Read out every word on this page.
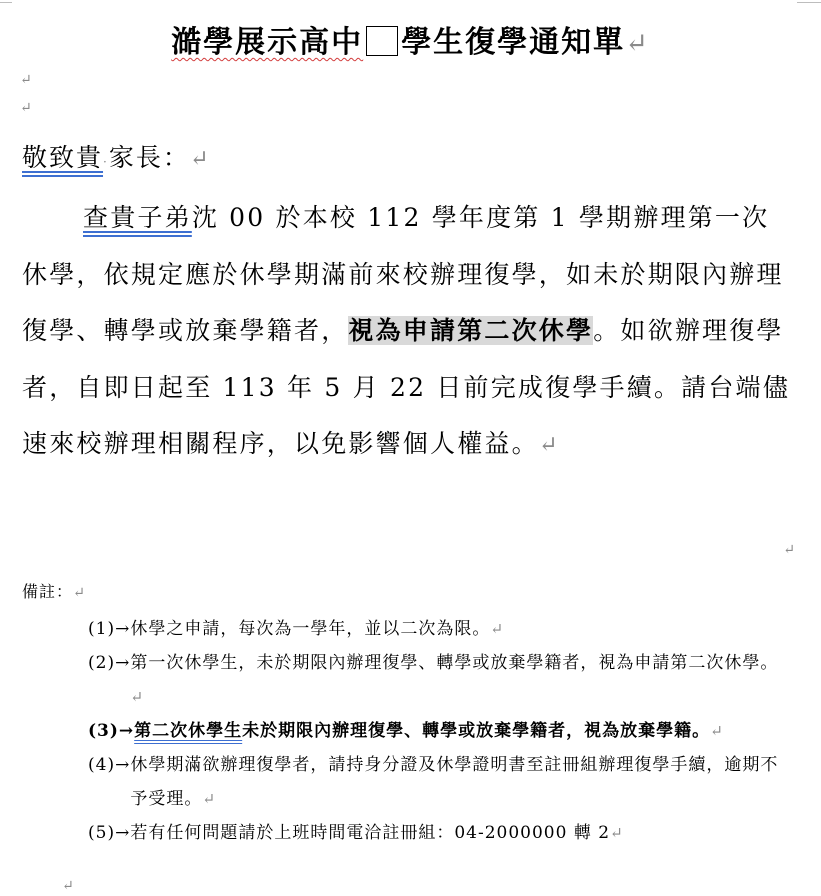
澔學展示高中 學生復學通知單↵
↵
↵
敬致貴·家長：↵
查貴子弟沈 00 於本校 112 學年度第 1 學期辦理第一次休學，依規定應於休學期滿前來校辦理復學，如未於期限內辦理復學、轉學或放棄學籍者，視為申請第二次休學。如欲辦理復學者，自即日起至 113 年 5 月 22 日前完成復學手續。請台端儘速來校辦理相關程序，以免影響個人權益。↵
↵
備註：↵
(1)→ 休學之申請，每次為一學年，並以二次為限。↵
(2)→ 第一次休學生，未於期限內辦理復學、轉學或放棄學籍者，視為申請第二次休學。↵
(3)→ 第二次休學生未於期限內辦理復學、轉學或放棄學籍者，視為放棄學籍。↵
(4)→ 休學期滿欲辦理復學者，請持身分證及休學證明書至註冊組辦理復學手續，逾期不予受理。↵
(5)→ 若有任何問題請於上班時間電洽註冊組：04-2000000 轉 2↵
↵
